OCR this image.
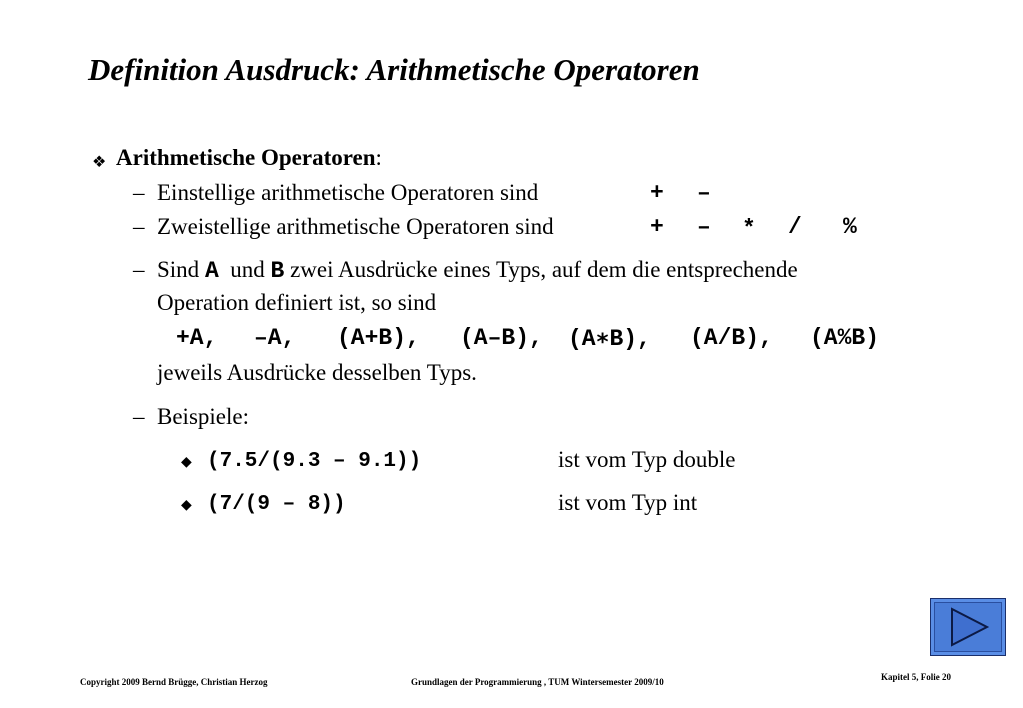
Definition Ausdruck: Arithmetische Operatoren
❖ Arithmetische Operatoren:
– Einstellige arithmetische Operatoren sind	+ –
– Zweistellige arithmetische Operatoren sind	+ – * / %
– Sind A und B zwei Ausdrücke eines Typs, auf dem die entsprechende
Operation definiert ist, so sind
+A, –A, (A+B), (A–B), (A∗B), (A/B), (A%B)
jeweils Ausdrücke desselben Typs.
– Beispiele:
◆ (7.5/(9.3 – 9.1))	ist vom Typ double
◆ (7/(9 – 8))	ist vom Typ int
Copyright 2009 Bernd Brügge, Christian Herzog	Grundlagen der Programmierung , TUM Wintersemester 2009/10	Kapitel 5, Folie 20
